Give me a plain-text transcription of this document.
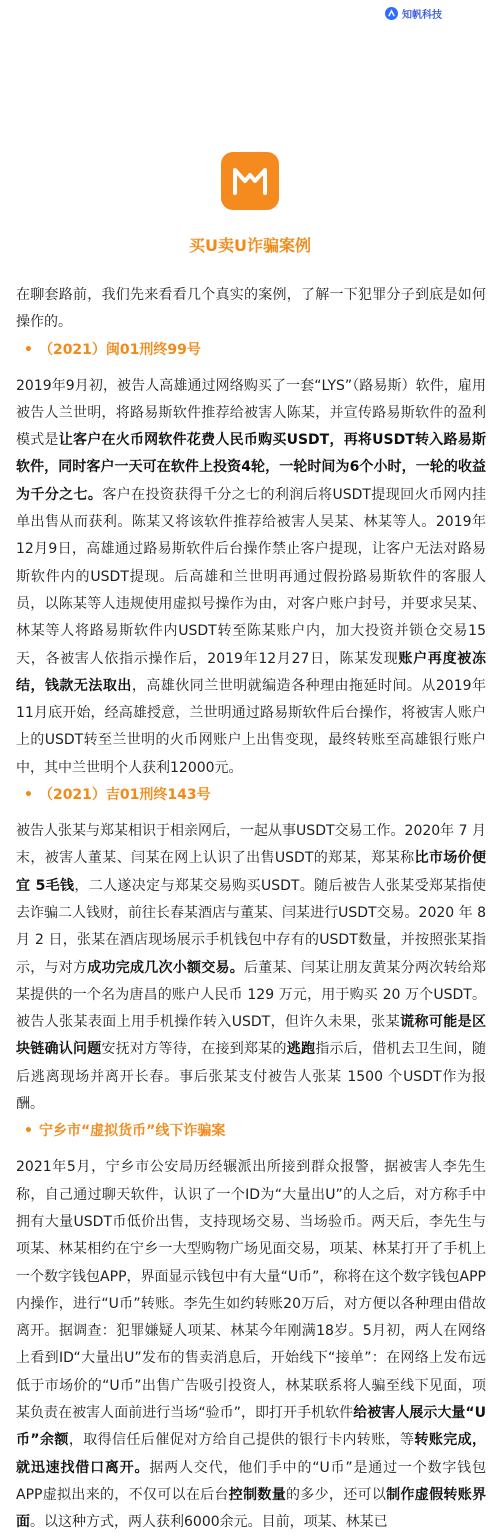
知帆科技
买U卖U诈骗案例

在聊套路前，我们先来看看几个真实的案例，了解一下犯罪分子到底是如何操作的。

• （2021）闽01刑终99号

2019年9月初，被告人高雄通过网络购买了一套“LYS”（路易斯）软件，雇用被告人兰世明，将路易斯软件推荐给被害人陈某，并宣传路易斯软件的盈利模式是让客户在火币网软件花费人民币购买USDT，再将USDT转入路易斯软件，同时客户一天可在软件上投资4轮，一轮时间为6个小时，一轮的收益为千分之七。客户在投资获得千分之七的利润后将USDT提现回火币网内挂单出售从而获利。陈某又将该软件推荐给被害人吴某、林某等人。2019年12月9日，高雄通过路易斯软件后台操作禁止客户提现，让客户无法对路易斯软件内的USDT提现。后高雄和兰世明再通过假扮路易斯软件的客服人员，以陈某等人违规使用虚拟号操作为由，对客户账户封号，并要求吴某、林某等人将路易斯软件内USDT转至陈某账户内，加大投资并锁仓交易15天，各被害人依指示操作后，2019年12月27日，陈某发现账户再度被冻结，钱款无法取出，高雄伙同兰世明就编造各种理由拖延时间。从2019年11月底开始，经高雄授意，兰世明通过路易斯软件后台操作，将被害人账户上的USDT转至兰世明的火币网账户上出售变现，最终转账至高雄银行账户中，其中兰世明个人获利12000元。

• （2021）吉01刑终143号

被告人张某与郑某相识于相亲网后，一起从事USDT交易工作。2020年 7 月末，被害人董某、闫某在网上认识了出售USDT的郑某，郑某称比市场价便宜 5毛钱，二人遂决定与郑某交易购买USDT。随后被告人张某受郑某指使去诈骗二人钱财，前往长春某酒店与董某、闫某进行USDT交易。2020 年 8 月 2 日，张某在酒店现场展示手机钱包中存有的USDT数量，并按照张某指示，与对方成功完成几次小额交易。后董某、闫某让朋友黄某分两次转给郑某提供的一个名为唐昌的账户人民币 129 万元，用于购买 20 万个USDT。被告人张某表面上用手机操作转入USDT，但许久未果，张某谎称可能是区块链确认问题安抚对方等待，在接到郑某的逃跑指示后，借机去卫生间，随后逃离现场并离开长春。事后张某支付被告人张某 1500 个USDT作为报酬。

• 宁乡市“虚拟货币”线下诈骗案

2021年5月，宁乡市公安局历经辗派出所接到群众报警，据被害人李先生称，自己通过聊天软件，认识了一个ID为“大量出U”的人之后，对方称手中拥有大量USDT币低价出售，支持现场交易、当场验币。两天后，李先生与项某、林某相约在宁乡一大型购物广场见面交易，项某、林某打开了手机上一个数字钱包APP，界面显示钱包中有大量“U币”，称将在这个数字钱包APP内操作，进行“U币”转账。李先生如约转账20万后，对方便以各种理由借故离开。据调查：犯罪嫌疑人项某、林某今年刚满18岁。5月初，两人在网络上看到ID“大量出U”发布的售卖消息后，开始线下“接单”：在网络上发布远低于市场价的“U币”出售广告吸引投资人，林某联系将人骗至线下见面，项某负责在被害人面前进行当场“验币”，即打开手机软件给被害人展示大量“U币”余额，取得信任后催促对方给自己提供的银行卡内转账，等转账完成，就迅速找借口离开。据两人交代，他们手中的“U币”是通过一个数字钱包APP虚拟出来的，不仅可以在后台控制数量的多少，还可以制作虚假转账界面。以这种方式，两人获利6000余元。目前，项某、林某已
